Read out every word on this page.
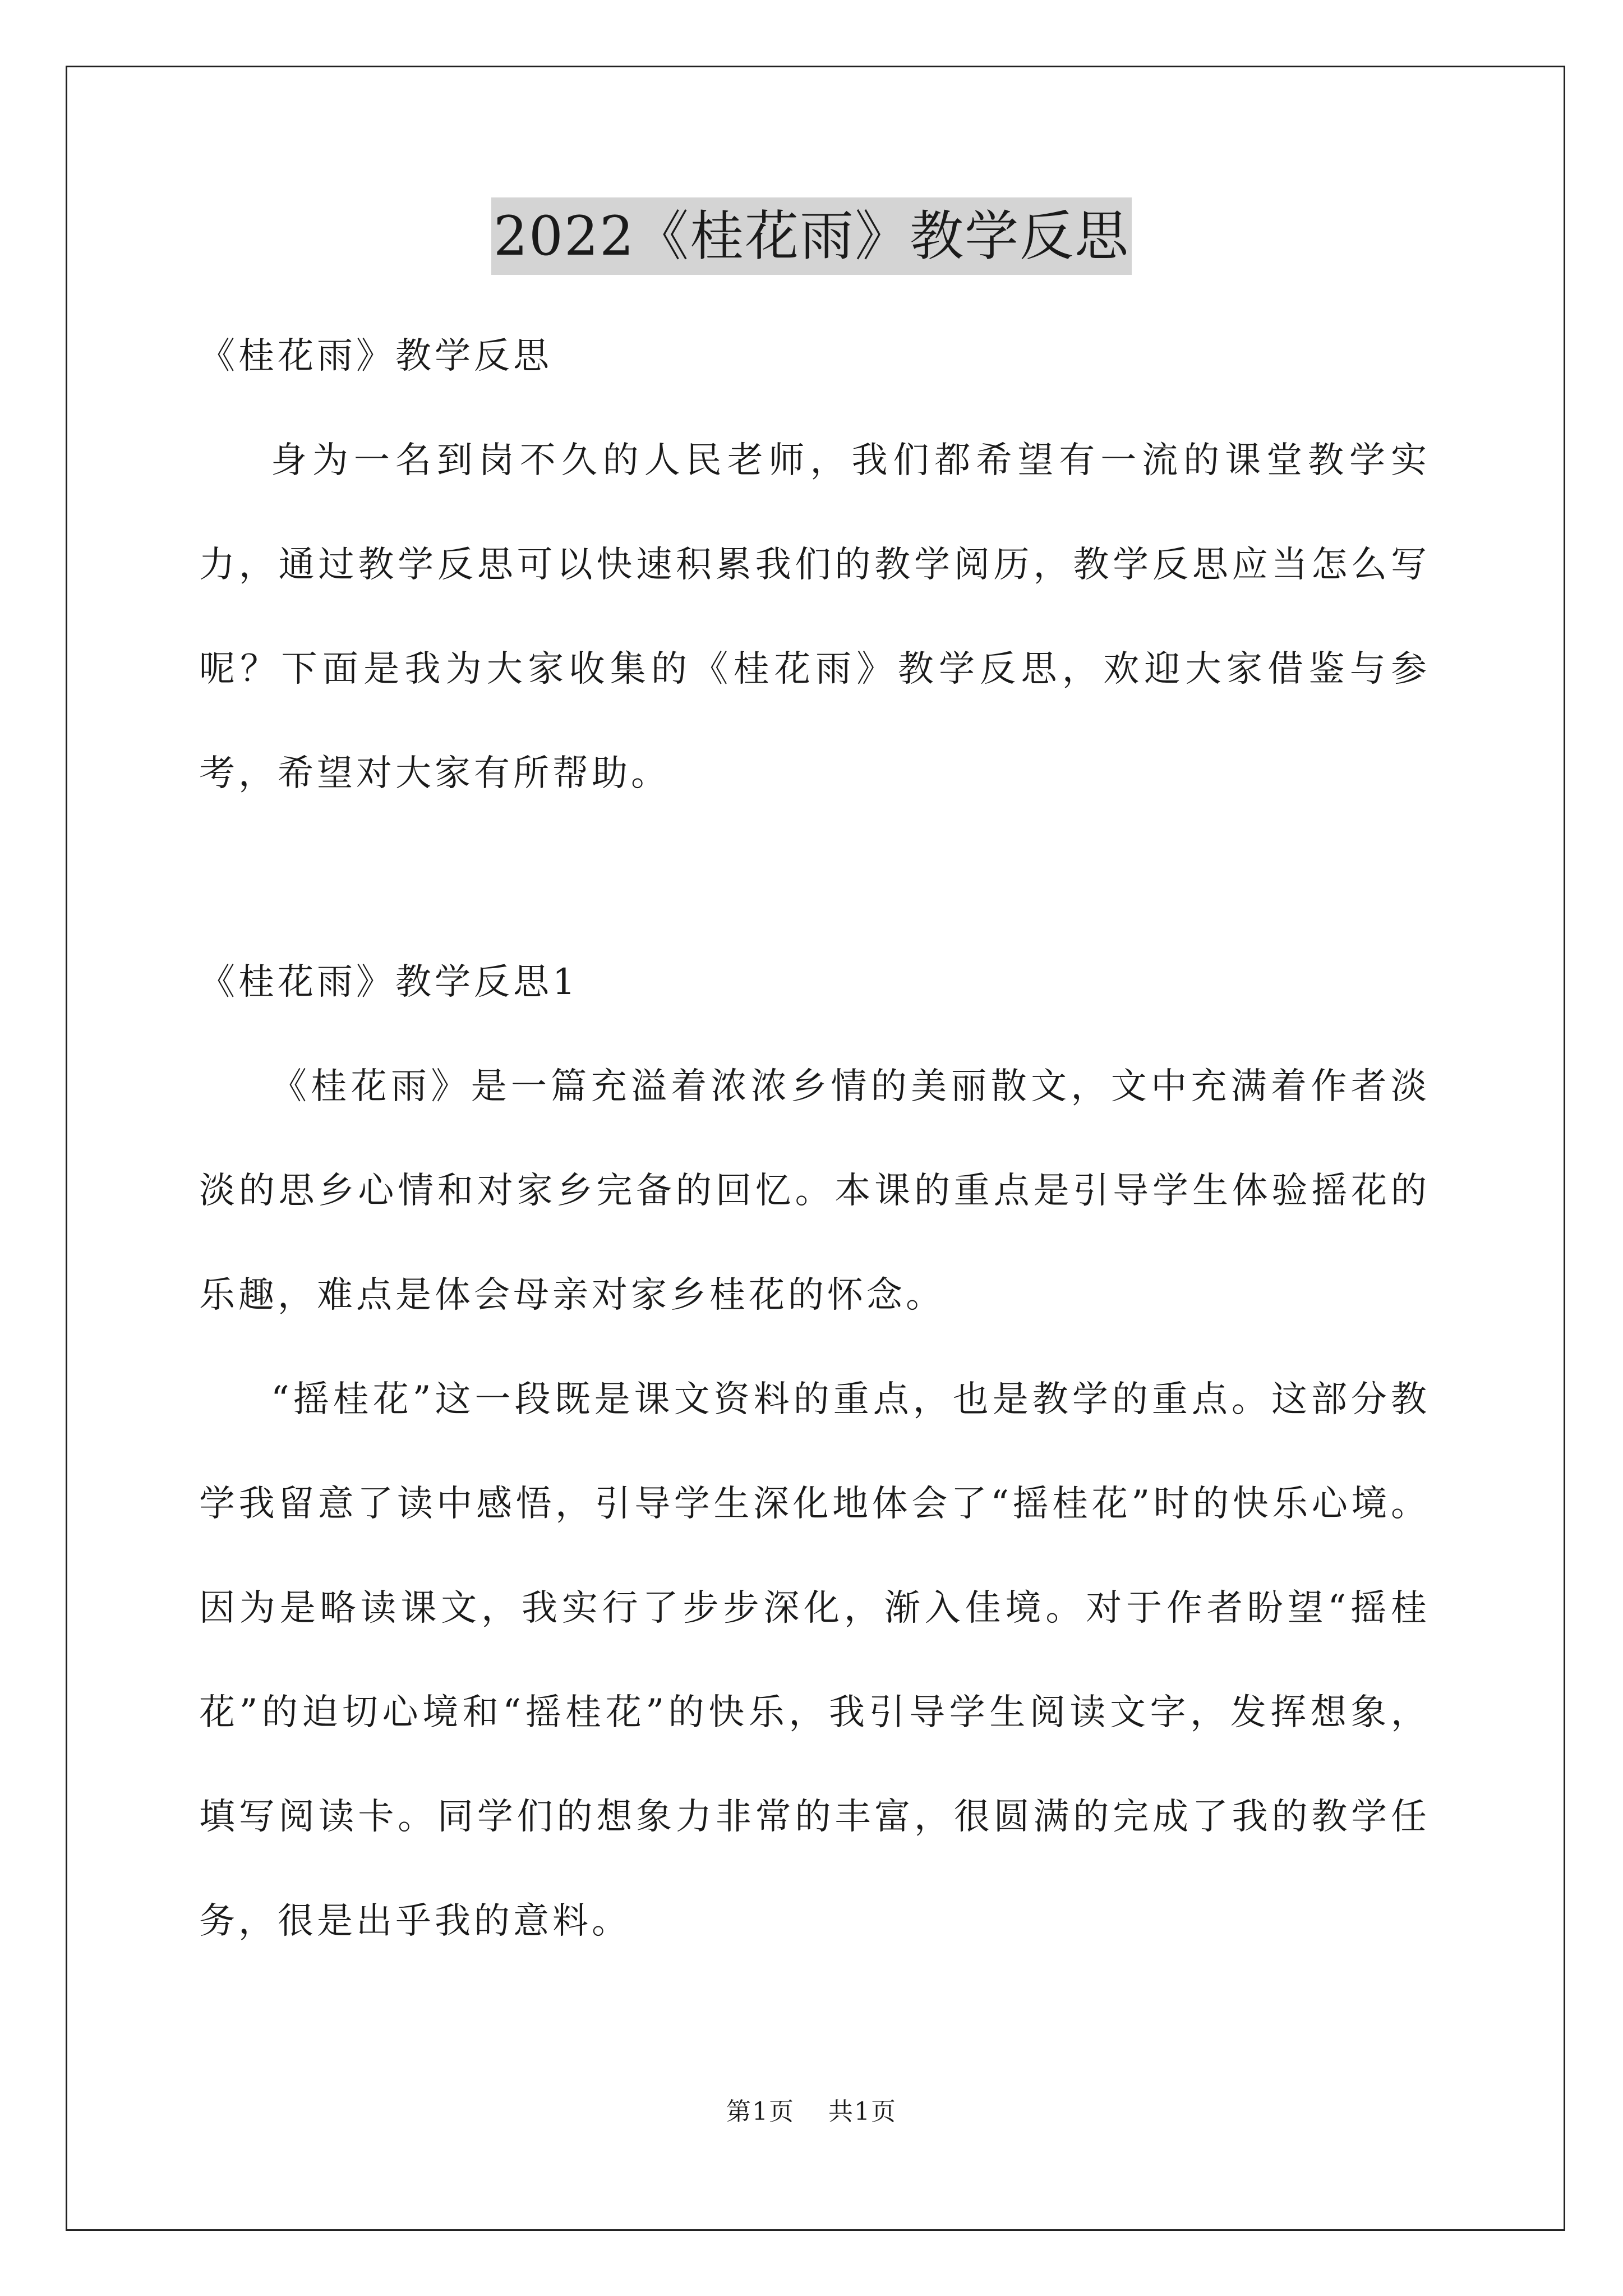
2022《桂花雨》教学反思

《桂花雨》教学反思

身为一名到岗不久的人民老师，我们都希望有一流的课堂教学实力，通过教学反思可以快速积累我们的教学阅历，教学反思应当怎么写呢？下面是我为大家收集的《桂花雨》教学反思，欢迎大家借鉴与参考，希望对大家有所帮助。

《桂花雨》教学反思1

《桂花雨》是一篇充溢着浓浓乡情的美丽散文，文中充满着作者淡淡的思乡心情和对家乡完备的回忆。本课的重点是引导学生体验摇花的乐趣，难点是体会母亲对家乡桂花的怀念。

“摇桂花”这一段既是课文资料的重点，也是教学的重点。这部分教学我留意了读中感悟，引导学生深化地体会了“摇桂花”时的快乐心境。因为是略读课文，我实行了步步深化，渐入佳境。对于作者盼望“摇桂花”的迫切心境和“摇桂花”的快乐，我引导学生阅读文字，发挥想象，填写阅读卡。同学们的想象力非常的丰富，很圆满的完成了我的教学任务，很是出乎我的意料。

第1页 共1页
